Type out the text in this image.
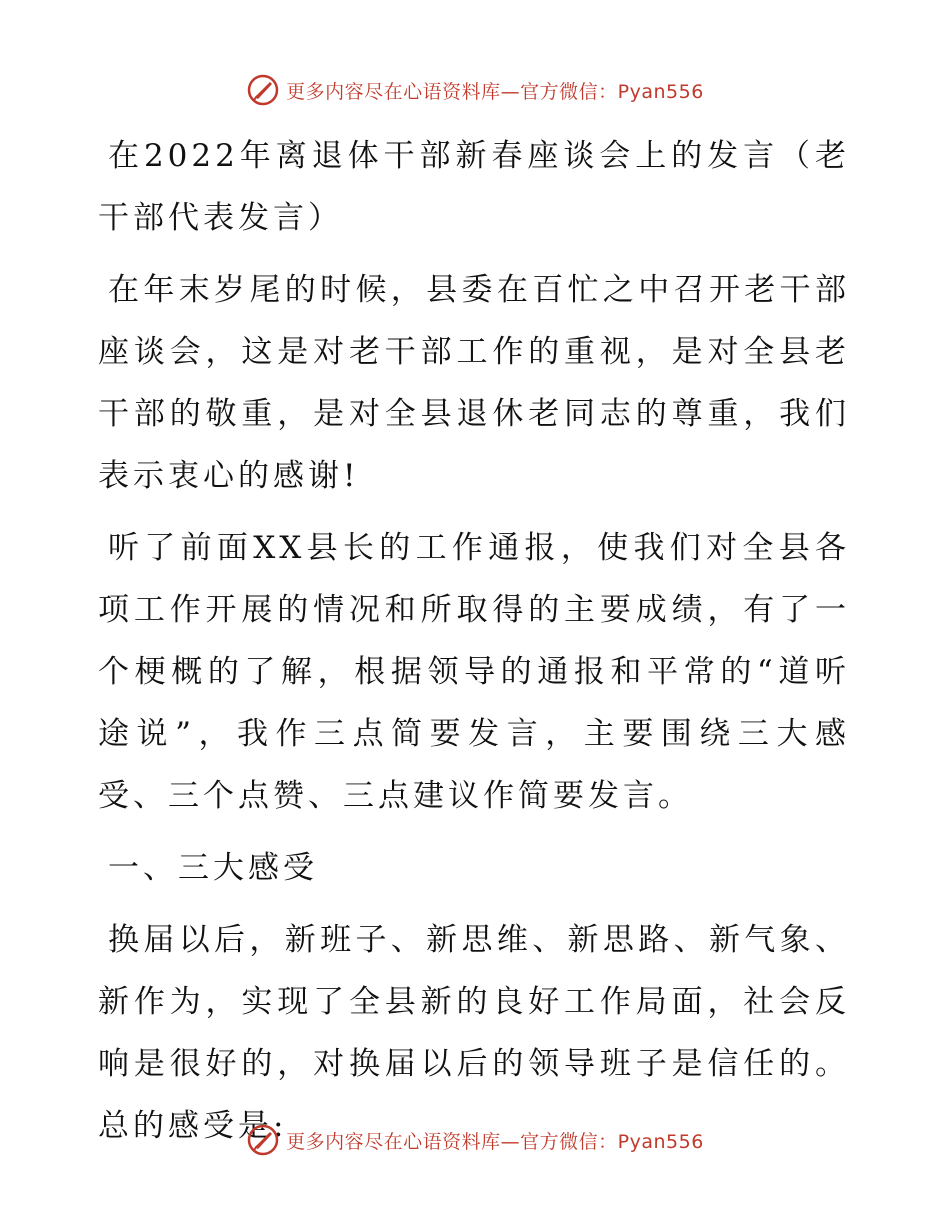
更多内容尽在心语资料库—官方微信：Pyan556

在2022年离退体干部新春座谈会上的发言（老干部代表发言）

在年末岁尾的时候，县委在百忙之中召开老干部座谈会，这是对老干部工作的重视，是对全县老干部的敬重，是对全县退休老同志的尊重，我们表示衷心的感谢!

听了前面XX县长的工作通报，使我们对全县各项工作开展的情况和所取得的主要成绩，有了一个梗概的了解，根据领导的通报和平常的“道听途说”，我作三点简要发言，主要围绕三大感受、三个点赞、三点建议作简要发言。

一、三大感受

换届以后，新班子、新思维、新思路、新气象、新作为，实现了全县新的良好工作局面，社会反响是很好的，对换届以后的领导班子是信任的。总的感受是:

更多内容尽在心语资料库—官方微信：Pyan556
